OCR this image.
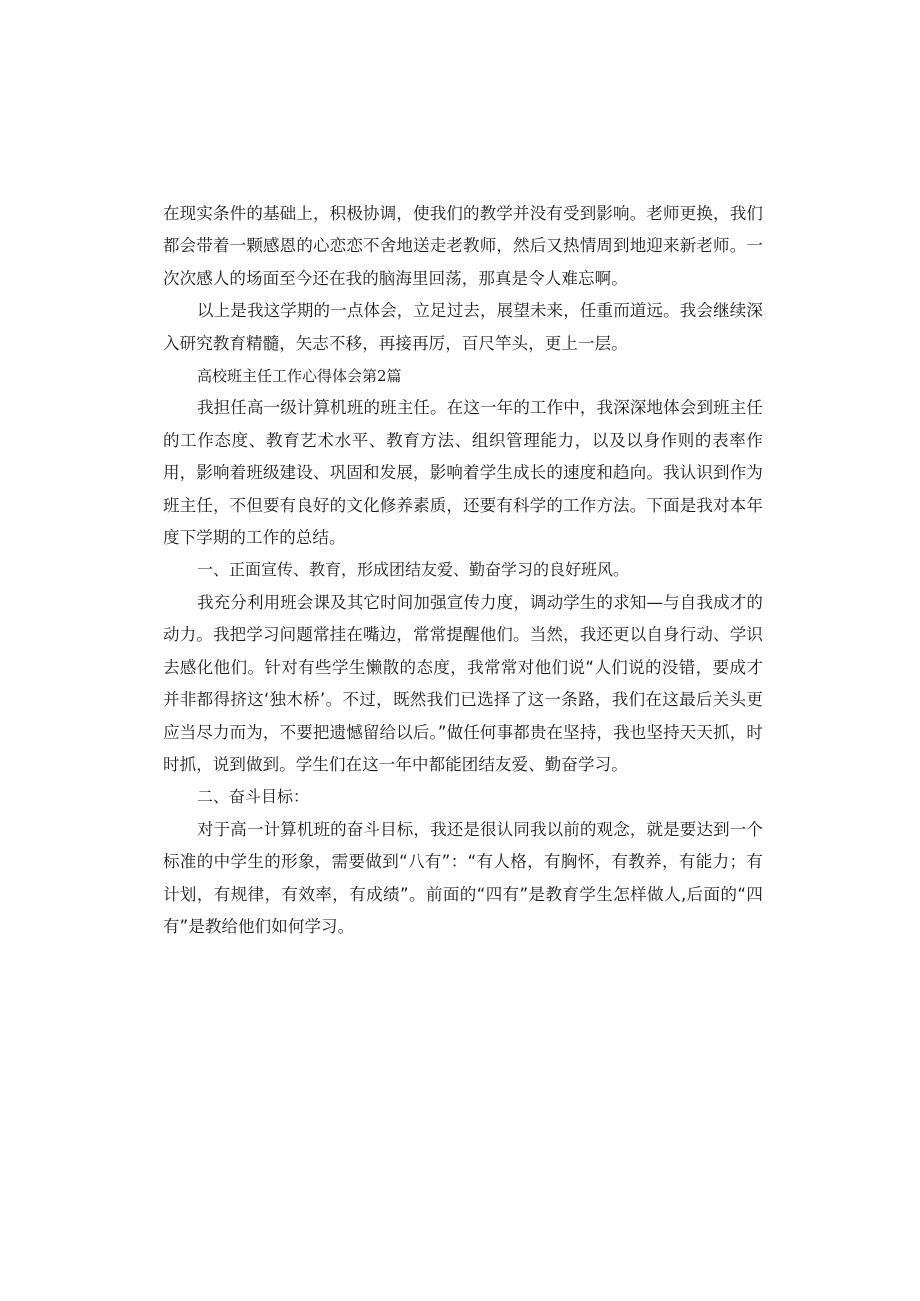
在现实条件的基础上，积极协调，使我们的教学并没有受到影响。老师更换，我们都会带着一颗感恩的心恋恋不舍地送走老教师，然后又热情周到地迎来新老师。一次次感人的场面至今还在我的脑海里回荡，那真是令人难忘啊。

以上是我这学期的一点体会，立足过去，展望未来，任重而道远。我会继续深入研究教育精髓，矢志不移，再接再厉，百尺竿头，更上一层。

高校班主任工作心得体会第2篇

我担任高一级计算机班的班主任。在这一年的工作中，我深深地体会到班主任的工作态度、教育艺术水平、教育方法、组织管理能力，以及以身作则的表率作用，影响着班级建设、巩固和发展，影响着学生成长的速度和趋向。我认识到作为班主任，不但要有良好的文化修养素质，还要有科学的工作方法。下面是我对本年度下学期的工作的总结。

一、正面宣传、教育，形成团结友爱、勤奋学习的良好班风。

我充分利用班会课及其它时间加强宣传力度，调动学生的求知—与自我成才的动力。我把学习问题常挂在嘴边，常常提醒他们。当然，我还更以自身行动、学识去感化他们。针对有些学生懒散的态度，我常常对他们说“人们说的没错，要成才并非都得挤这‘独木桥’。不过，既然我们已选择了这一条路，我们在这最后关头更应当尽力而为，不要把遗憾留给以后。”做任何事都贵在坚持，我也坚持天天抓，时时抓，说到做到。学生们在这一年中都能团结友爱、勤奋学习。

二、奋斗目标：

对于高一计算机班的奋斗目标，我还是很认同我以前的观念，就是要达到一个标准的中学生的形象，需要做到“八有”：“有人格，有胸怀，有教养，有能力；有计划，有规律，有效率，有成绩”。前面的“四有”是教育学生怎样做人,后面的“四有”是教给他们如何学习。
